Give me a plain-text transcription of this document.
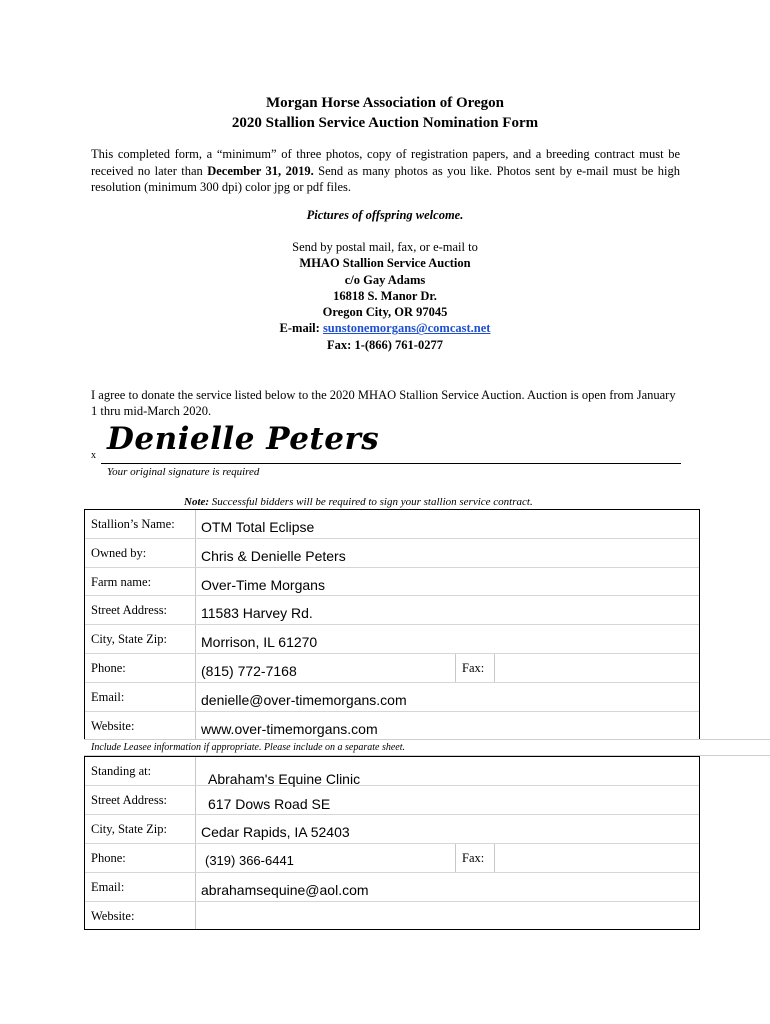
Morgan Horse Association of Oregon
2020 Stallion Service Auction Nomination Form
This completed form, a “minimum” of three photos, copy of registration papers, and a breeding contract must be received no later than December 31, 2019. Send as many photos as you like. Photos sent by e-mail must be high resolution (minimum 300 dpi) color jpg or pdf files.
Pictures of offspring welcome.
Send by postal mail, fax, or e-mail to
MHAO Stallion Service Auction
c/o Gay Adams
16818 S. Manor Dr.
Oregon City, OR 97045
E-mail: sunstonemorgans@comcast.net
Fax: 1-(866) 761-0277
I agree to donate the service listed below to the 2020 MHAO Stallion Service Auction. Auction is open from January 1 thru mid-March 2020.
x Denielle Peters
Your original signature is required
Note: Successful bidders will be required to sign your stallion service contract.
Stallion’s Name:	OTM Total Eclipse
Owned by:	Chris & Denielle Peters
Farm name:	Over-Time Morgans
Street Address:	11583 Harvey Rd.
City, State Zip:	Morrison, IL 61270
Phone:	(815) 772-7168	Fax:
Email:	denielle@over-timemorgans.com
Website:	www.over-timemorgans.com
Include Leasee information if appropriate. Please include on a separate sheet.
Standing at:	Abraham's Equine Clinic
Street Address:	617 Dows Road SE
City, State Zip:	Cedar Rapids, IA 52403
Phone:	(319) 366-6441	Fax:
Email:	abrahamsequine@aol.com
Website:
